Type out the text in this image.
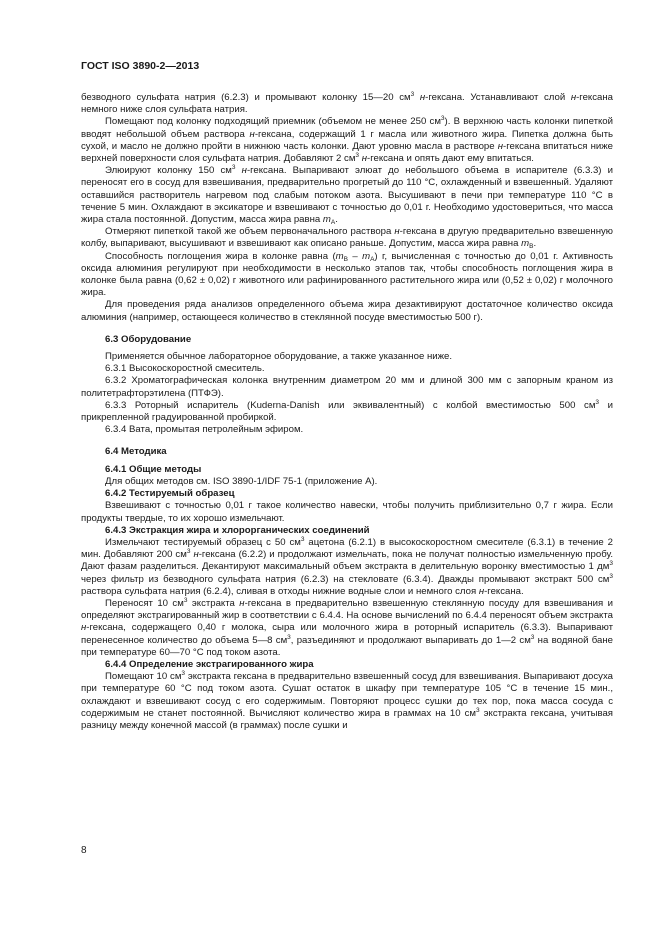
ГОСТ ISO 3890-2—2013

безводного сульфата натрия (6.2.3) и промывают колонку 15—20 $см^3$ н-гексана. Устанавливают слой н-гексана немного ниже слоя сульфата натрия.

Помещают под колонку подходящий приемник (объемом не менее 250 $см^3$). В верхнюю часть колонки пипеткой вводят небольшой объем раствора н-гексана, содержащий 1 г масла или животного жира. Пипетка должна быть сухой, и масло не должно пройти в нижнюю часть колонки. Дают уровню масла в растворе н-гексана впитаться ниже верхней поверхности слоя сульфата натрия. Добавляют 2 $см^3$ н-гексана и опять дают ему впитаться.

Элюируют колонку 150 $см^3$ н-гексана. Выпаривают элюат до небольшого объема в испарителе (6.3.3) и переносят его в сосуд для взвешивания, предварительно прогретый до 110 °С, охлажденный и взвешенный. Удаляют оставшийся растворитель нагревом под слабым потоком азота. Высушивают в печи при температуре 110 °С в течение 5 мин. Охлаждают в эксикаторе и взвешивают с точностью до 0,01 г. Необходимо удостовериться, что масса жира стала постоянной. Допустим, масса жира равна $m_A$.

Отмеряют пипеткой такой же объем первоначального раствора н-гексана в другую предварительно взвешенную колбу, выпаривают, высушивают и взвешивают как описано раньше. Допустим, масса жира равна $m_B$.

Способность поглощения жира в колонке равна $(m_B - m_A)$ г, вычисленная с точностью до 0,01 г. Активность оксида алюминия регулируют при необходимости в несколько этапов так, чтобы способность поглощения жира в колонке была равна (0,62 ± 0,02) г животного или рафинированного растительного жира или (0,52 ± 0,02) г молочного жира.

Для проведения ряда анализов определенного объема жира дезактивируют достаточное количество оксида алюминия (например, остающееся количество в стеклянной посуде вместимостью 500 г).

6.3 Оборудование

Применяется обычное лабораторное оборудование, а также указанное ниже.

6.3.1 Высокоскоростной смеситель.

6.3.2 Хроматографическая колонка внутренним диаметром 20 мм и длиной 300 мм с запорным краном из политетрафторэтилена (ПТФЭ).

6.3.3 Роторный испаритель (Kuderna-Danish или эквивалентный) с колбой вместимостью 500 $см^3$ и прикрепленной градуированной пробиркой.

6.3.4 Вата, промытая петролейным эфиром.

6.4 Методика

6.4.1 Общие методы

Для общих методов см. ISO 3890-1/IDF 75-1 (приложение А).

6.4.2 Тестируемый образец

Взвешивают с точностью 0,01 г такое количество навески, чтобы получить приблизительно 0,7 г жира. Если продукты твердые, то их хорошо измельчают.

6.4.3 Экстракция жира и хлорорганических соединений

Измельчают тестируемый образец с 50 $см^3$ ацетона (6.2.1) в высокоскоростном смесителе (6.3.1) в течение 2 мин. Добавляют 200 $см^3$ н-гексана (6.2.2) и продолжают измельчать, пока не получат полностью измельченную пробу. Дают фазам разделиться. Декантируют максимальный объем экстракта в делительную воронку вместимостью 1 $дм^3$ через фильтр из безводного сульфата натрия (6.2.3) на стекловате (6.3.4). Дважды промывают экстракт 500 $см^3$ раствора сульфата натрия (6.2.4), сливая в отходы нижние водные слои и немного слоя н-гексана.

Переносят 10 $см^3$ экстракта н-гексана в предварительно взвешенную стеклянную посуду для взвешивания и определяют экстрагированный жир в соответствии с 6.4.4. На основе вычислений по 6.4.4 переносят объем экстракта н-гексана, содержащего 0,40 г молока, сыра или молочного жира в роторный испаритель (6.3.3). Выпаривают перенесенное количество до объема 5—8 $см^3$, разъединяют и продолжают выпаривать до 1—2 $см^3$ на водяной бане при температуре 60—70 °С под током азота.

6.4.4 Определение экстрагированного жира

Помещают 10 $см^3$ экстракта гексана в предварительно взвешенный сосуд для взвешивания. Выпаривают досуха при температуре 60 °С под током азота. Сушат остаток в шкафу при температуре 105 °С в течение 15 мин., охлаждают и взвешивают сосуд с его содержимым. Повторяют процесс сушки до тех пор, пока масса сосуда с содержимым не станет постоянной. Вычисляют количество жира в граммах на 10 $см^3$ экстракта гексана, учитывая разницу между конечной массой (в граммах) после сушки и

8
